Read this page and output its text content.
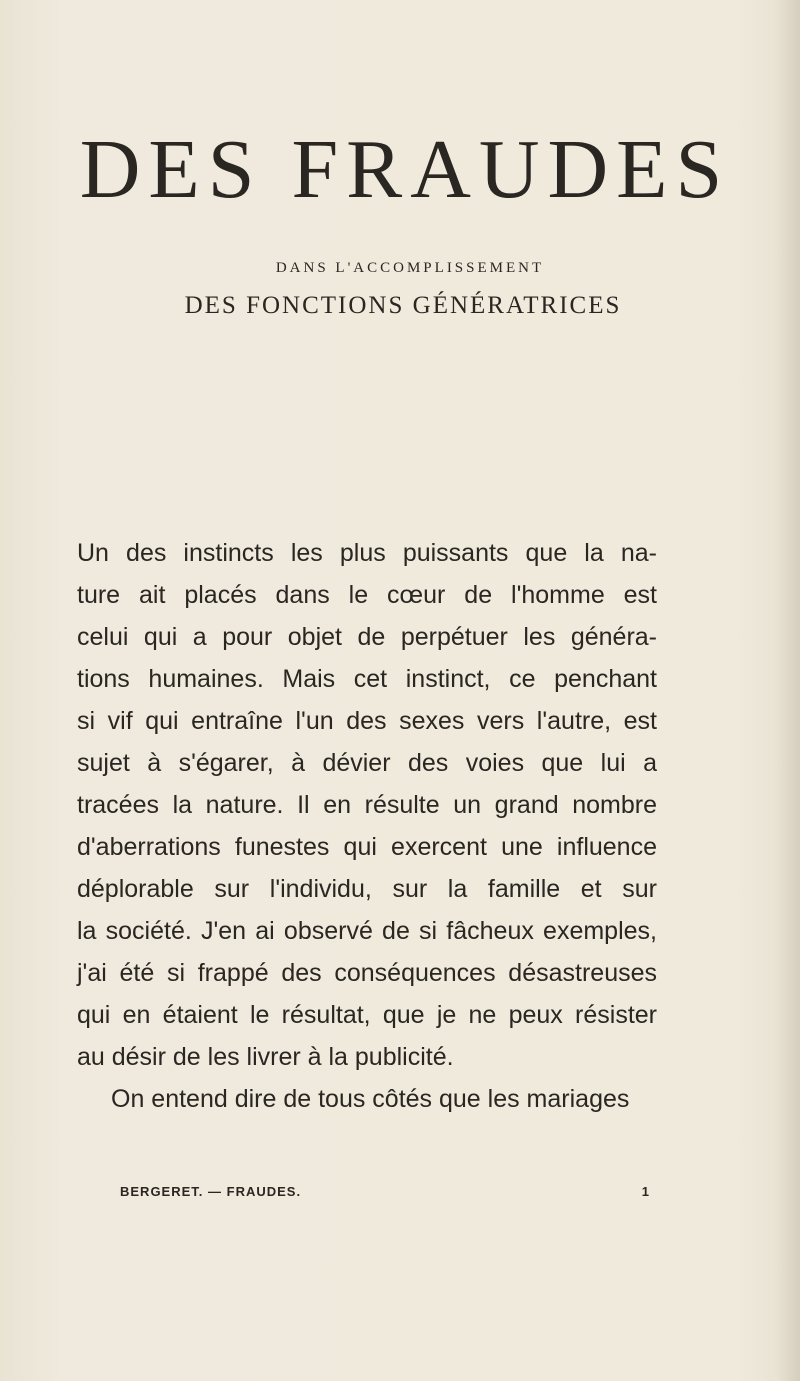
DES FRAUDES
DANS L'ACCOMPLISSEMENT
DES FONCTIONS GÉNÉRATRICES
Un des instincts les plus puissants que la na-
ture ait placés dans le cœur de l'homme est
celui qui a pour objet de perpétuer les généra-
tions humaines. Mais cet instinct, ce penchant
si vif qui entraîne l'un des sexes vers l'autre, est
sujet à s'égarer, à dévier des voies que lui a
tracées la nature. Il en résulte un grand nombre
d'aberrations funestes qui exercent une influence
déplorable sur l'individu, sur la famille et sur
la société. J'en ai observé de si fâcheux exemples,
j'ai été si frappé des conséquences désastreuses
qui en étaient le résultat, que je ne peux résister
au désir de les livrer à la publicité.
On entend dire de tous côtés que les mariages
BERGERET. — FRAUDES.	1
